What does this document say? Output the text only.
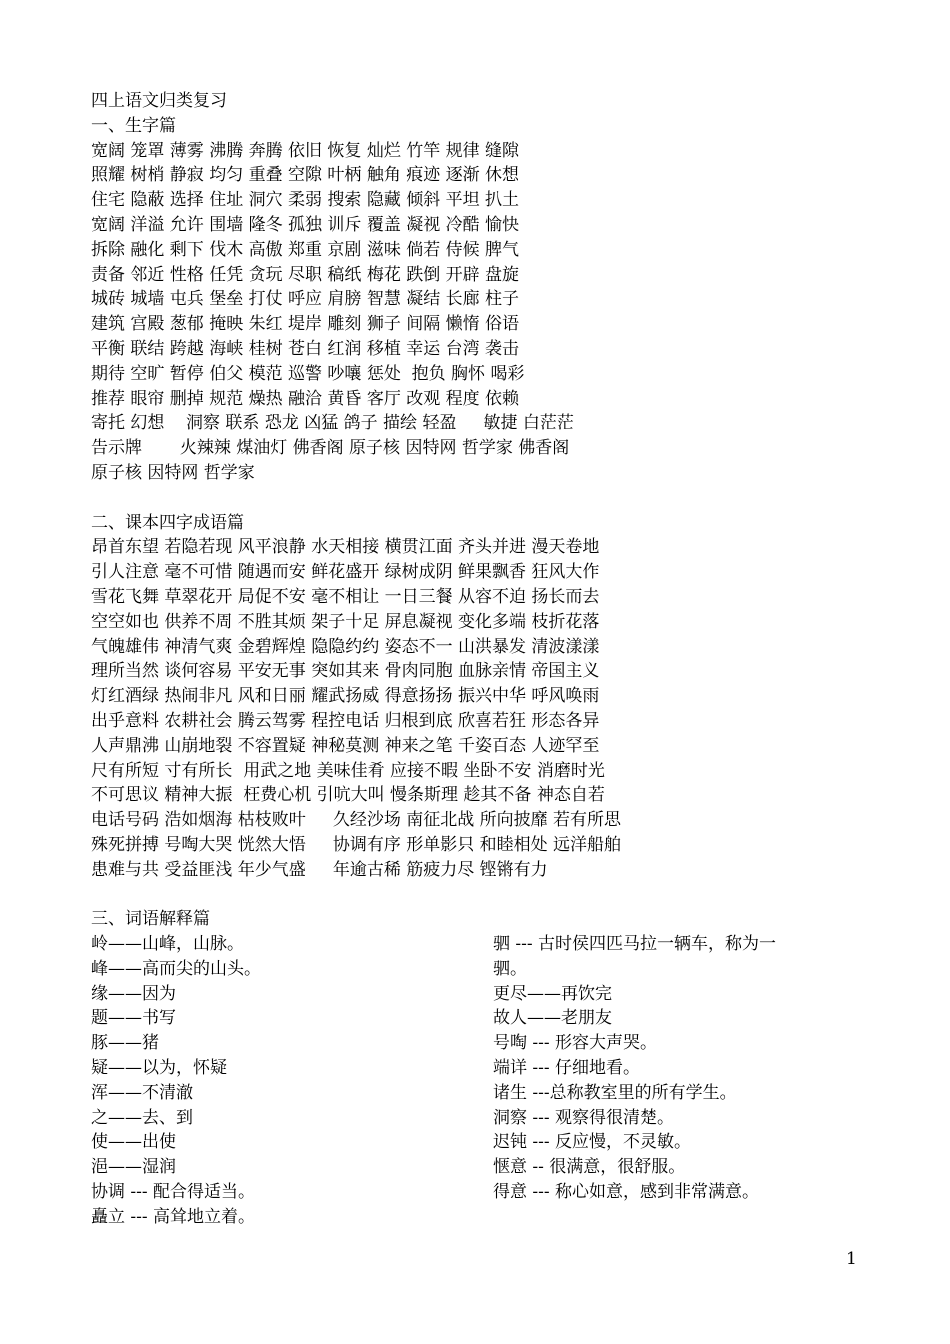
四上语文归类复习
一、生字篇
宽阔 笼罩 薄雾 沸腾 奔腾 依旧 恢复 灿烂 竹竿 规律 缝隙
照耀 树梢 静寂 均匀 重叠 空隙 叶柄 触角 痕迹 逐渐 休想
住宅 隐蔽 选择 住址 洞穴 柔弱 搜索 隐藏 倾斜 平坦 扒土
宽阔 洋溢 允许 围墙 隆冬 孤独 训斥 覆盖 凝视 冷酷 愉快
拆除 融化 剩下 伐木 高傲 郑重 京剧 滋味 倘若 侍候 脾气
责备 邻近 性格 任凭 贪玩 尽职 稿纸 梅花 跌倒 开辟 盘旋
城砖 城墙 屯兵 堡垒 打仗 呼应 肩膀 智慧 凝结 长廊 柱子
建筑 宫殿 葱郁 掩映 朱红 堤岸 雕刻 狮子 间隔 懒惰 俗语
平衡 联结 跨越 海峡 桂树 苍白 红润 移植 幸运 台湾 袭击
期待 空旷 暂停 伯父 模范 巡警 吵嚷 惩处  抱负 胸怀 喝彩
推荐 眼帘 删掉 规范 燥热 融洽 黄昏 客厅 改观 程度 依赖
寄托 幻想    洞察 联系 恐龙 凶猛 鸽子 描绘 轻盈     敏捷 白茫茫
告示牌       火辣辣 煤油灯 佛香阁 原子核 因特网 哲学家 佛香阁
原子核 因特网 哲学家
二、课本四字成语篇
昂首东望 若隐若现 风平浪静 水天相接 横贯江面 齐头并进 漫天卷地
引人注意 毫不可惜 随遇而安 鲜花盛开 绿树成阴 鲜果飘香 狂风大作
雪花飞舞 草翠花开 局促不安 毫不相让 一日三餐 从容不迫 扬长而去
空空如也 供养不周 不胜其烦 架子十足 屏息凝视 变化多端 枝折花落
气魄雄伟 神清气爽 金碧辉煌 隐隐约约 姿态不一 山洪暴发 清波漾漾
理所当然 谈何容易 平安无事 突如其来 骨肉同胞 血脉亲情 帝国主义
灯红酒绿 热闹非凡 风和日丽 耀武扬威 得意扬扬 振兴中华 呼风唤雨
出乎意料 农耕社会 腾云驾雾 程控电话 归根到底 欣喜若狂 形态各异
人声鼎沸 山崩地裂 不容置疑 神秘莫测 神来之笔 千姿百态 人迹罕至
尺有所短 寸有所长  用武之地 美味佳肴 应接不暇 坐卧不安 消磨时光
不可思议 精神大振  枉费心机 引吭大叫 慢条斯理 趁其不备 神态自若
电话号码 浩如烟海 枯枝败叶     久经沙场 南征北战 所向披靡 若有所思
殊死拼搏 号啕大哭 恍然大悟     协调有序 形单影只 和睦相处 远洋船舶
患难与共 受益匪浅 年少气盛     年逾古稀 筋疲力尽 铿锵有力
三、词语解释篇
岭——山峰，山脉。
峰——高而尖的山头。
缘——因为
题——书写
豚——猪
疑——以为，怀疑
浑——不清澈
之——去、到
使——出使
浥——湿润
协调 --- 配合得适当。
矗立 --- 高耸地立着。
驷 --- 古时侯四匹马拉一辆车，称为一
驷。
更尽——再饮完
故人——老朋友
号啕 --- 形容大声哭。
端详 --- 仔细地看。
诸生 ---总称教室里的所有学生。
洞察 --- 观察得很清楚。
迟钝 --- 反应慢，不灵敏。
惬意 -- 很满意，很舒服。
得意 --- 称心如意，感到非常满意。
1
